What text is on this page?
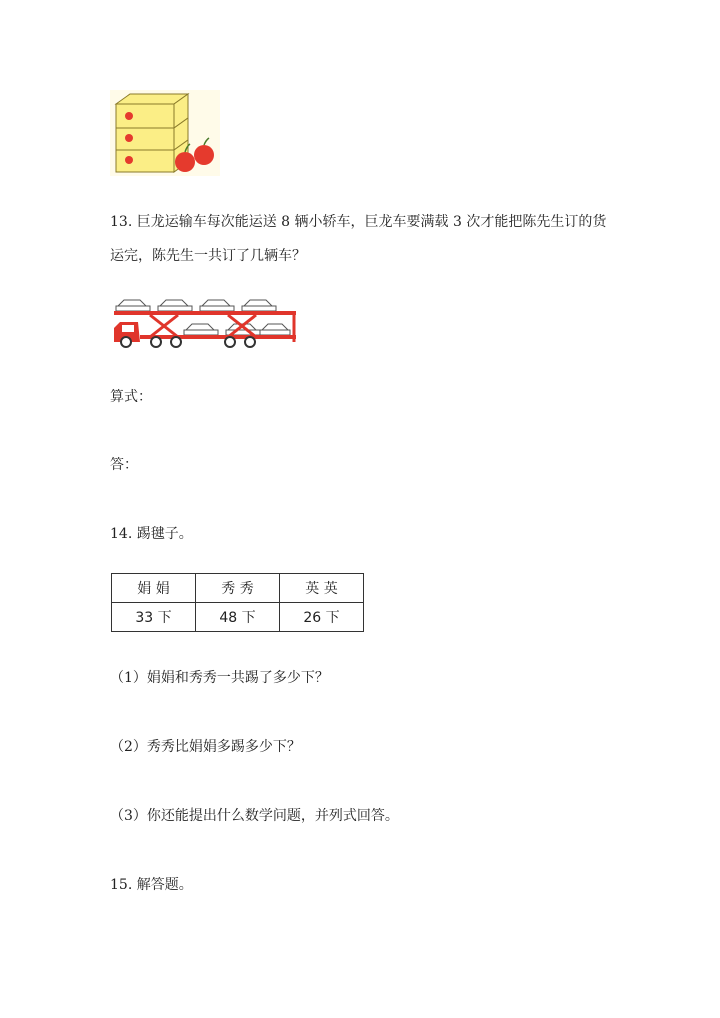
13. 巨龙运输车每次能运送 8 辆小轿车，巨龙车要满载 3 次才能把陈先生订的货
运完，陈先生一共订了几辆车？
算式：
答：
14. 踢毽子。
娟 娟	秀 秀	英 英
33 下	48 下	26 下
（1）娟娟和秀秀一共踢了多少下？
（2）秀秀比娟娟多踢多少下？
（3）你还能提出什么数学问题，并列式回答。
15. 解答题。
